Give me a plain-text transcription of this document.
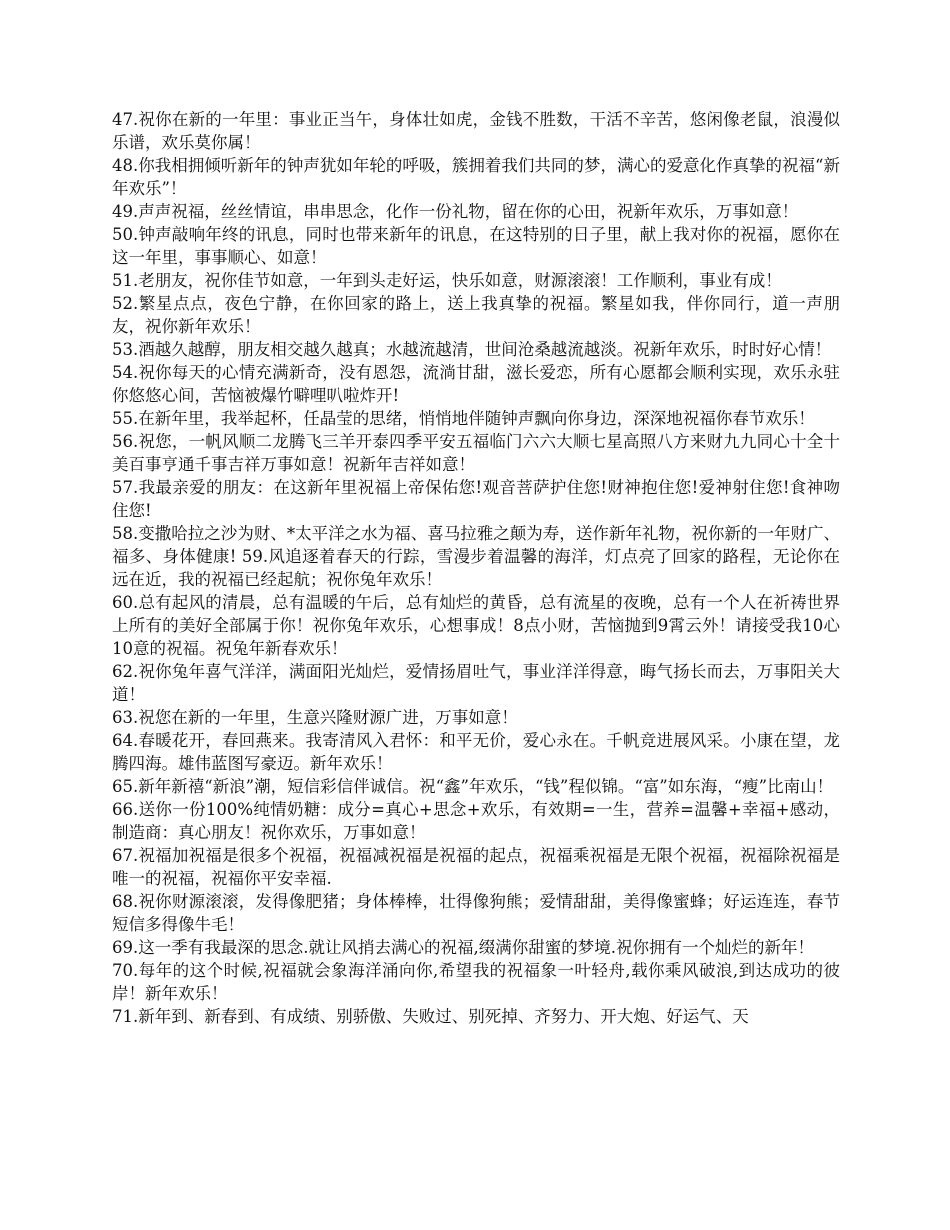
47.祝你在新的一年里：事业正当午，身体壮如虎，金钱不胜数，干活不辛苦，悠闲像老鼠，浪漫似乐谱，欢乐莫你属！

48.你我相拥倾听新年的钟声犹如年轮的呼吸，簇拥着我们共同的梦，满心的爱意化作真挚的祝福“新年欢乐”！

49.声声祝福，丝丝情谊，串串思念，化作一份礼物，留在你的心田，祝新年欢乐，万事如意！

50.钟声敲响年终的讯息，同时也带来新年的讯息，在这特别的日子里，献上我对你的祝福，愿你在这一年里，事事顺心、如意！

51.老朋友，祝你佳节如意，一年到头走好运，快乐如意，财源滚滚！工作顺利，事业有成！

52.繁星点点，夜色宁静，在你回家的路上，送上我真挚的祝福。繁星如我，伴你同行，道一声朋友，祝你新年欢乐！

53.酒越久越醇，朋友相交越久越真；水越流越清，世间沧桑越流越淡。祝新年欢乐，时时好心情！

54.祝你每天的心情充满新奇，没有恩怨，流淌甘甜，滋长爱恋，所有心愿都会顺利实现，欢乐永驻你悠悠心间，苦恼被爆竹噼哩叭啦炸开!

55.在新年里，我举起杯，任晶莹的思绪，悄悄地伴随钟声飘向你身边，深深地祝福你春节欢乐！

56.祝您，一帆风顺二龙腾飞三羊开泰四季平安五福临门六六大顺七星高照八方来财九九同心十全十美百事亨通千事吉祥万事如意！祝新年吉祥如意！

57.我最亲爱的朋友：在这新年里祝福上帝保佑您!观音菩萨护住您!财神抱住您!爱神射住您!食神吻住您!

58.变撒哈拉之沙为财、*太平洋之水为福、喜马拉雅之颠为寿，送作新年礼物，祝你新的一年财广、福多、身体健康! 59.风追逐着春天的行踪，雪漫步着温馨的海洋，灯点亮了回家的路程，无论你在远在近，我的祝福已经起航；祝你兔年欢乐！

60.总有起风的清晨，总有温暖的午后，总有灿烂的黄昏，总有流星的夜晚，总有一个人在祈祷世界上所有的美好全部属于你！祝你兔年欢乐，心想事成！8点小财，苦恼抛到9霄云外！请接受我10心10意的祝福。祝兔年新春欢乐！

62.祝你兔年喜气洋洋，满面阳光灿烂，爱情扬眉吐气，事业洋洋得意，晦气扬长而去，万事阳关大道！

63.祝您在新的一年里，生意兴隆财源广进，万事如意！

64.春暖花开，春回燕来。我寄清风入君怀：和平无价，爱心永在。千帆竞进展风采。小康在望，龙腾四海。雄伟蓝图写豪迈。新年欢乐！

65.新年新禧“新浪”潮，短信彩信伴诚信。祝“鑫”年欢乐，“钱”程似锦。“富”如东海，“瘦”比南山！

66.送你一份100%纯情奶糖：成分=真心+思念+欢乐，有效期=一生，营养=温馨+幸福+感动，制造商：真心朋友！祝你欢乐，万事如意！

67.祝福加祝福是很多个祝福，祝福减祝福是祝福的起点，祝福乘祝福是无限个祝福，祝福除祝福是唯一的祝福，祝福你平安幸福.

68.祝你财源滚滚，发得像肥猪；身体棒棒，壮得像狗熊；爱情甜甜，美得像蜜蜂；好运连连，春节短信多得像牛毛！

69.这一季有我最深的思念.就让风捎去满心的祝福,缀满你甜蜜的梦境.祝你拥有一个灿烂的新年！

70.每年的这个时候,祝福就会象海洋涌向你,希望我的祝福象一叶轻舟,载你乘风破浪,到达成功的彼岸！新年欢乐！

71.新年到、新春到、有成绩、别骄傲、失败过、别死掉、齐努力、开大炮、好运气、天
